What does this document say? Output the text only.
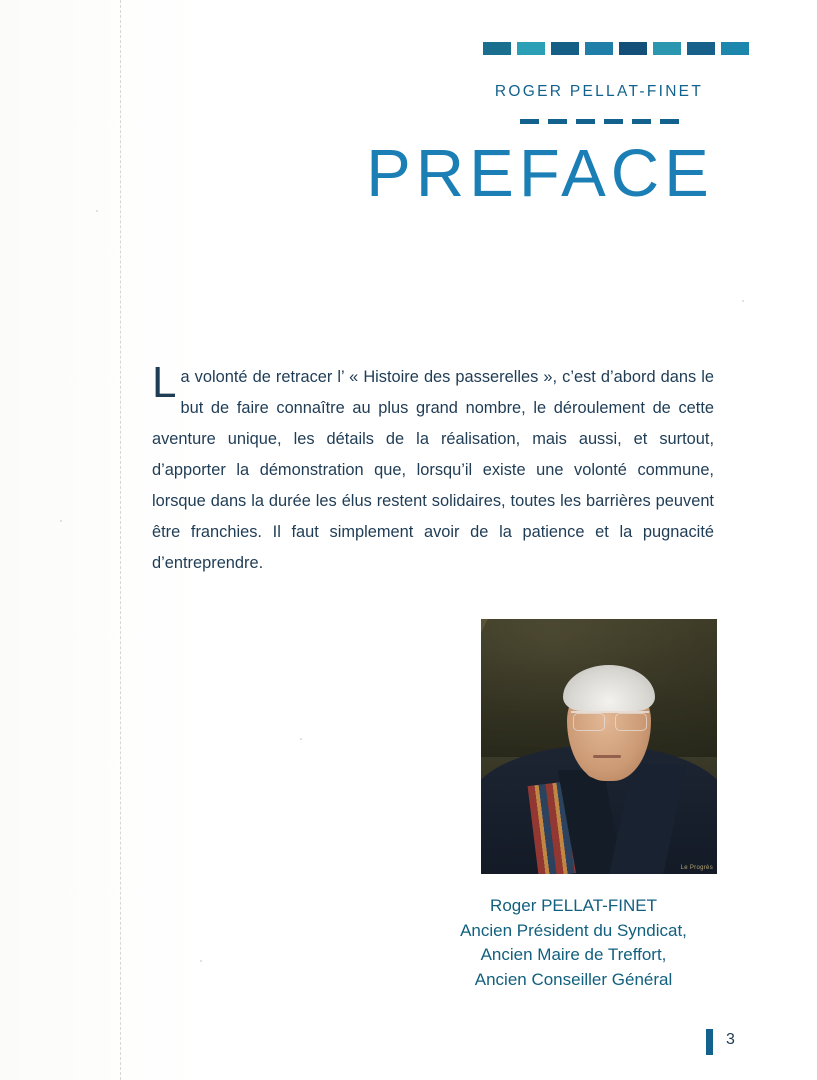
ROGER PELLAT-FINET
PREFACE
La volonté de retracer l’ « Histoire des passerelles », c’est d’abord dans le but de faire connaître au plus grand nombre, le déroulement de cette aventure unique, les détails de la réalisation, mais aussi, et surtout, d’apporter la démonstration que, lorsqu’il existe une volonté commune, lorsque dans la durée les élus restent solidaires, toutes les barrières peuvent être franchies. Il faut simplement avoir de la patience et la pugnacité d’entreprendre.
Le Progrès
Roger PELLAT-FINET
Ancien Président du Syndicat,
Ancien Maire de Treffort,
Ancien Conseiller Général
3
